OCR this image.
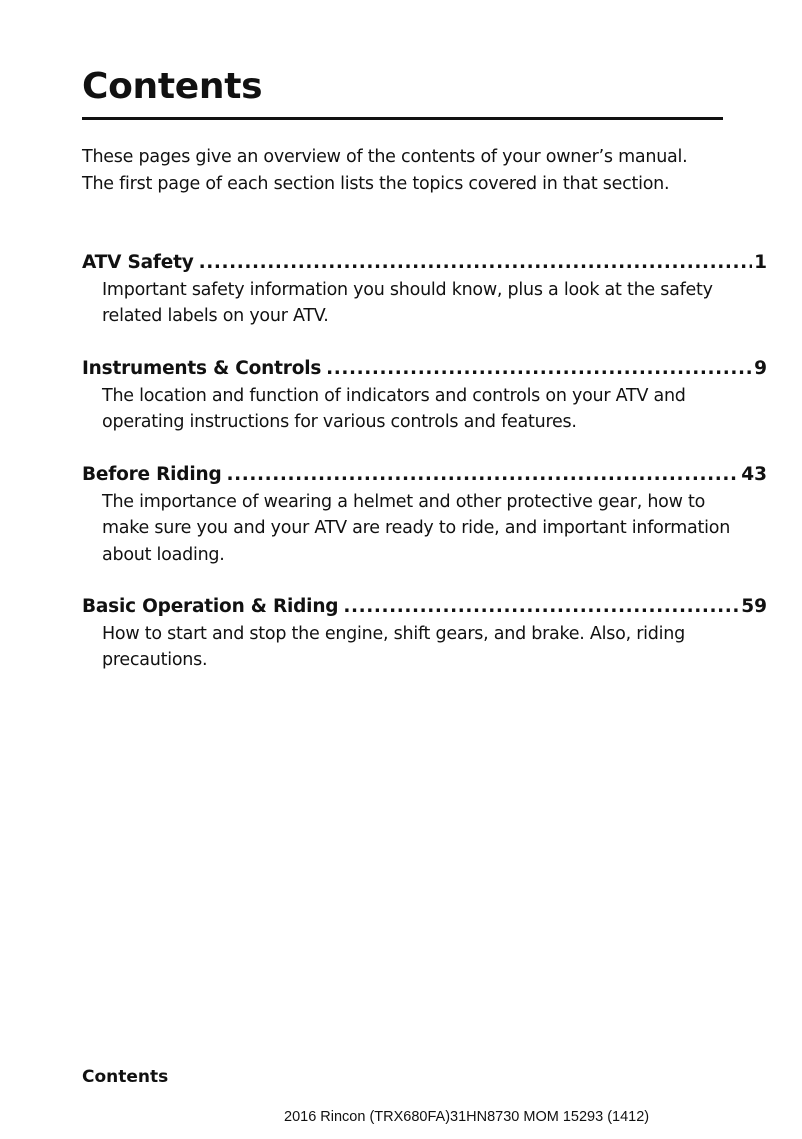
Contents

These pages give an overview of the contents of your owner’s manual.

The first page of each section lists the topics covered in that section.

ATV Safety .....	1

Important safety information you should know, plus a look at the safety related labels on your ATV.

Instruments & Controls .....	9

The location and function of indicators and controls on your ATV and operating instructions for various controls and features.

Before Riding .....	43

The importance of wearing a helmet and other protective gear, how to make sure you and your ATV are ready to ride, and important information about loading.

Basic Operation & Riding .....	59

How to start and stop the engine, shift gears, and brake. Also, riding precautions.

Contents
2016 Rincon (TRX680FA)31HN8730 MOM 15293 (1412)
